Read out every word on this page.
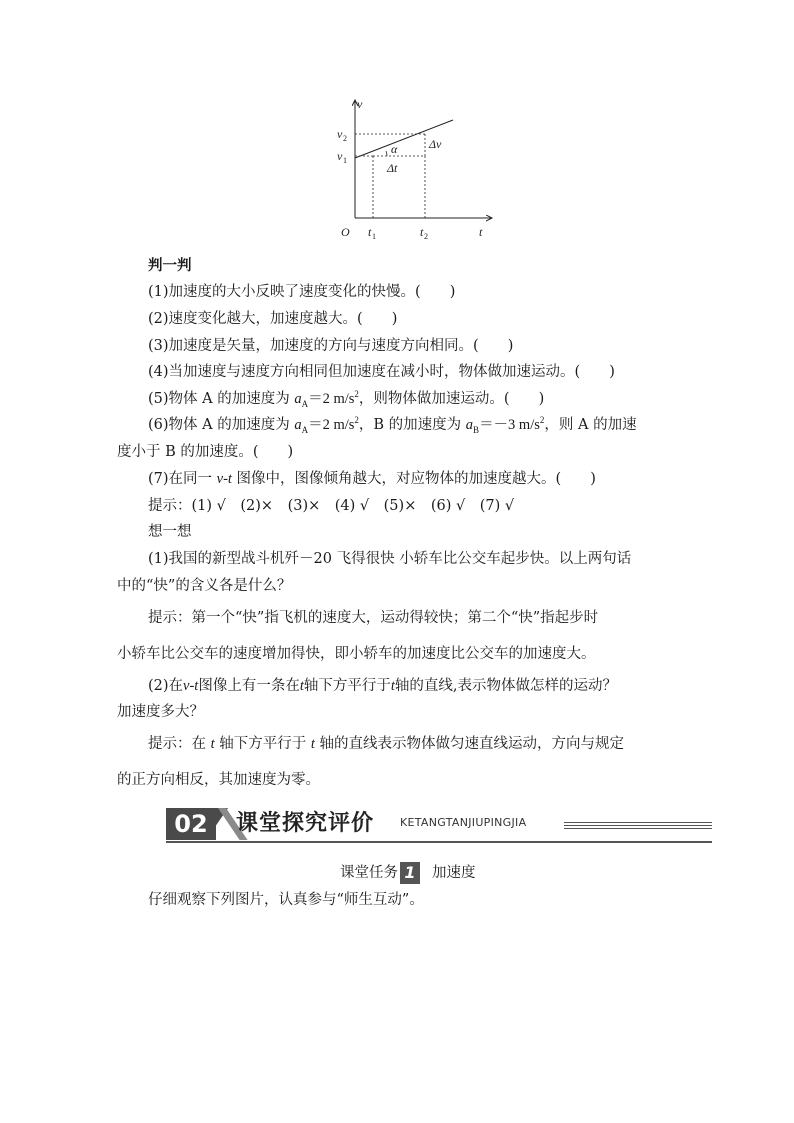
v
t
O
v 2
v 1
t 1	t 2
α	Δv
Δt
判一判
(1)加速度的大小反映了速度变化的快慢。(　　)
(2)速度变化越大，加速度越大。(　　)
(3)加速度是矢量，加速度的方向与速度方向相同。(　　)
(4)当加速度与速度方向相同但加速度在减小时，物体做加速运动。(　　)
(5)物体 A 的加速度为 $a_A=2$ $m/s^2$，则物体做加速运动。(　　)
(6)物体 A 的加速度为 $a_A=2$ $m/s^2$，B 的加速度为 $a_B=-3$ $m/s^2$，则 A 的加速
度小于 B 的加速度。(　　)
(7)在同一 v-t 图像中，图像倾角越大，对应物体的加速度越大。(　　)
提示：(1) √　(2)×　(3)×　(4) √　(5)×　(6) √　(7) √
想一想
(1)我国的新型战斗机歼－20 飞得很快 小轿车比公交车起步快。以上两句话
中的“快”的含义各是什么？
提示：第一个“快”指飞机的速度大，运动得较快；第二个“快”指起步时
小轿车比公交车的速度增加得快，即小轿车的加速度比公交车的加速度大。
(2)在v-t图像上有一条在t轴下方平行于t轴的直线,表示物体做怎样的运动？
加速度多大？
提示：在 t 轴下方平行于 t 轴的直线表示物体做匀速直线运动，方向与规定
的正方向相反，其加速度为零。
02	课堂探究评价 KETANGTANJIUPINGJIA
课堂任务 1 加速度
仔细观察下列图片，认真参与“师生互动”。
